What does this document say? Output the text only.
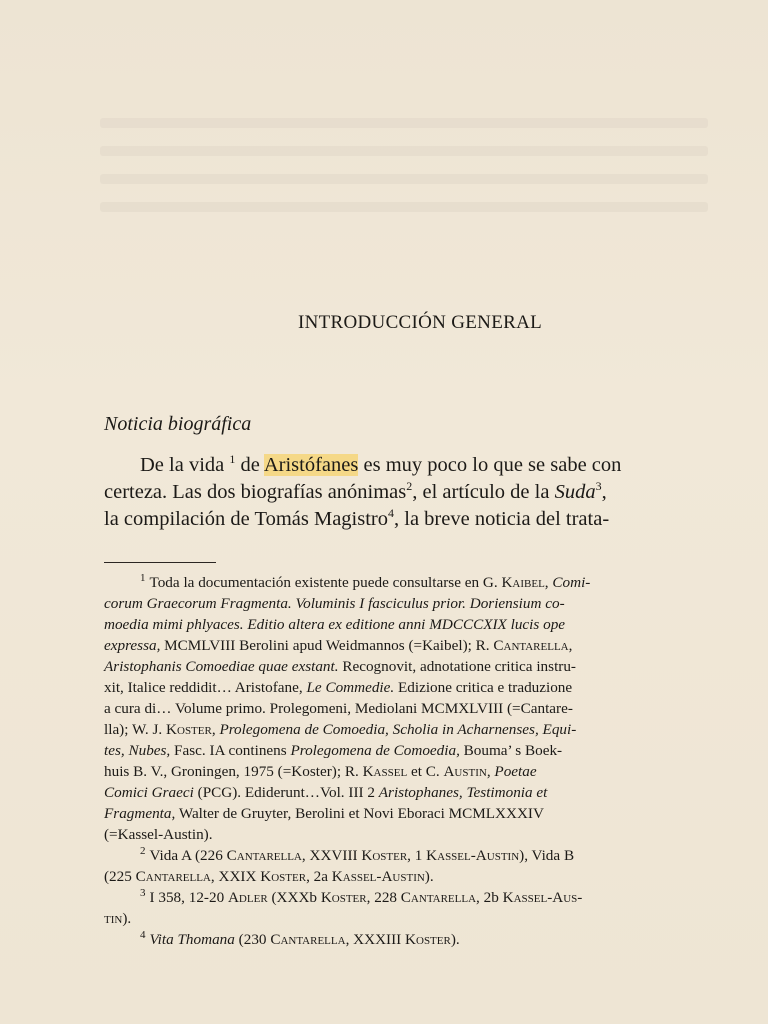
INTRODUCCIÓN GENERAL
Noticia biográfica
De la vida $^1$ de Aristófanes es muy poco lo que se sabe con
certeza. Las dos biografías anónimas$^2$, el artículo de la Suda$^3$,
la compilación de Tomás Magistro$^4$, la breve noticia del trata-
$^1$ Toda la documentación existente puede consultarse en G. Kaibel, Comi-
corum Graecorum Fragmenta. Voluminis I fasciculus prior. Doriensium co-
moedia mimi phlyaces. Editio altera ex editione anni MDCCCXIX lucis ope
expressa, MCMLVIII Berolini apud Weidmannos (=Kaibel); R. Cantarella,
Aristophanis Comoediae quae exstant. Recognovit, adnotatione critica instru-
xit, Italice reddidit… Aristofane, Le Commedie. Edizione critica e traduzione
a cura di… Volume primo. Prolegomeni, Mediolani MCMXLVIII (=Cantare-
lla); W. J. Koster, Prolegomena de Comoedia, Scholia in Acharnenses, Equi-
tes, Nubes, Fasc. IA continens Prolegomena de Comoedia, Bouma’ s Boek-
huis B. V., Groningen, 1975 (=Koster); R. Kassel et C. Austin, Poetae
Comici Graeci (PCG). Ediderunt…Vol. III 2 Aristophanes, Testimonia et
Fragmenta, Walter de Gruyter, Berolini et Novi Eboraci MCMLXXXIV
(=Kassel-Austin).
$^2$ Vida A (226 Cantarella, XXVIII Koster, 1 Kassel-Austin), Vida B
(225 Cantarella, XXIX Koster, 2a Kassel-Austin).
$^3$ I 358, 12-20 Adler (XXXb Koster, 228 Cantarella, 2b Kassel-Aus-
tin).
$^4$ Vita Thomana (230 Cantarella, XXXIII Koster).
